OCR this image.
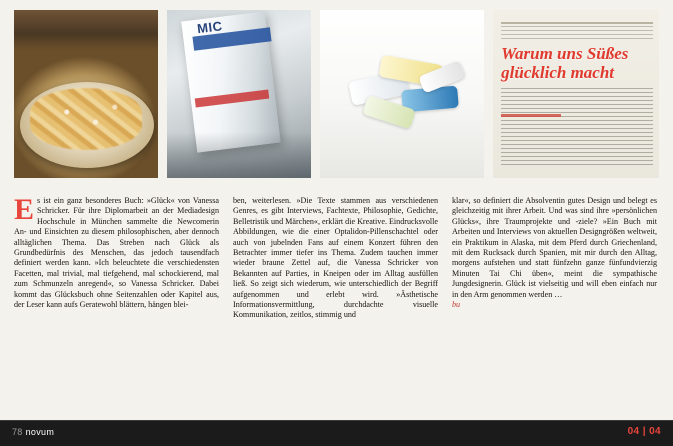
MIC
Warum uns Süßes glücklich macht
E s ist ein ganz besonderes Buch: »Glück« von Vanessa Schricker. Für ihre Diplomarbeit an der Mediadesign Hochschule in München sammelte die Newcomerin An- und Einsichten zu diesem philosophischen, aber dennoch alltäglichen Thema. Das Streben nach Glück als Grundbedürfnis des Menschen, das jedoch tausendfach definiert werden kann. »Ich beleuchtete die verschiedensten Facetten, mal trivial, mal tiefgehend, mal schockierend, mal zum Schmunzeln anregend«, so Vanessa Schricker. Dabei kommt das Glücksbuch ohne Seitenzahlen oder Kapitel aus, der Leser kann aufs Geratewohl blättern, hängen blei-

ben, weiterlesen. »Die Texte stammen aus verschiedenen Genres, es gibt Interviews, Fachtexte, Philosophie, Gedichte, Belletristik und Märchen«, erklärt die Kreative. Eindrucksvolle Abbildungen, wie die einer Optalidon-Pillenschachtel oder auch von jubelnden Fans auf einem Konzert führen den Betrachter immer tiefer ins Thema. Zudem tauchen immer wieder braune Zettel auf, die Vanessa Schricker von Bekannten auf Parties, in Kneipen oder im Alltag ausfüllen ließ. So zeigt sich wiederum, wie unterschiedlich der Begriff aufgenommen und erlebt wird. »Ästhetische Informationsvermittlung, durchdachte visuelle Kommunikation, zeitlos, stimmig und

klar«, so definiert die Absolventin gutes Design und belegt es gleichzeitig mit ihrer Arbeit. Und was sind ihre »persönlichen Glücks«, ihre Traumprojekte und -ziele? »Ein Buch mit Arbeiten und Interviews von aktuellen Designgrößen weltweit, ein Praktikum in Alaska, mit dem Pferd durch Griechenland, mit dem Rucksack durch Spanien, mit mir durch den Alltag, morgens aufstehen und statt fünfzehn ganze fünfundvierzig Minuten Tai Chi üben«, meint die sympathische Jungdesignerin. Glück ist vielseitig und will eben einfach nur in den Arm genommen werden …

bu
78 novum	04 | 04
